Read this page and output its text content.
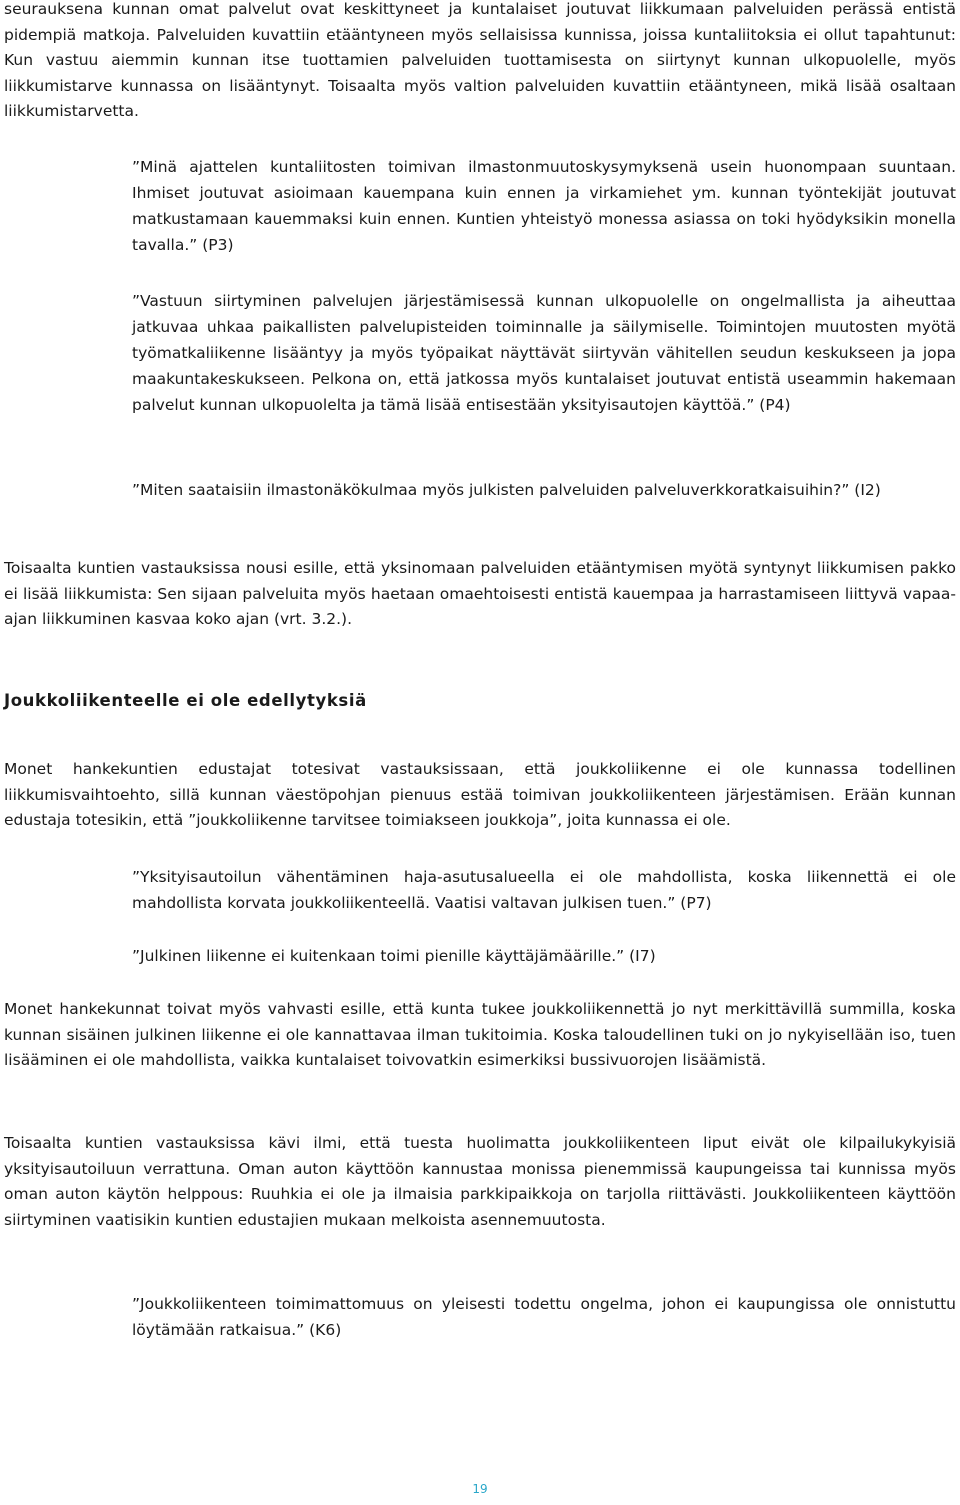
seurauksena kunnan omat palvelut ovat keskittyneet ja kuntalaiset joutuvat liikkumaan palveluiden perässä entistä pidempiä matkoja. Palveluiden kuvattiin etääntyneen myös sellaisissa kunnissa, joissa kuntaliitoksia ei ollut tapahtunut: Kun vastuu aiemmin kunnan itse tuottamien palveluiden tuottamisesta on siirtynyt kunnan ulkopuolelle, myös liikkumistarve kunnassa on lisääntynyt. Toisaalta myös valtion palveluiden kuvattiin etääntyneen, mikä lisää osaltaan liikkumistarvetta.

”Minä ajattelen kuntaliitosten toimivan ilmastonmuutoskysymyksenä usein huonompaan suuntaan. Ihmiset joutuvat asioimaan kauempana kuin ennen ja virkamiehet ym. kunnan työntekijät joutuvat matkustamaan kauemmaksi kuin ennen. Kuntien yhteistyö monessa asiassa on toki hyödyksikin monella tavalla.” (P3)

”Vastuun siirtyminen palvelujen järjestämisessä kunnan ulkopuolelle on ongelmallista ja aiheuttaa jatkuvaa uhkaa paikallisten palvelupisteiden toiminnalle ja säilymiselle. Toimintojen muutosten myötä työmatkaliikenne lisääntyy ja myös työpaikat näyttävät siirtyvän vähitellen seudun keskukseen ja jopa maakuntakeskukseen. Pelkona on, että jatkossa myös kuntalaiset joutuvat entistä useammin hakemaan palvelut kunnan ulkopuolelta ja tämä lisää entisestään yksityisautojen käyttöä.” (P4)

”Miten saataisiin ilmastonäkökulmaa myös julkisten palveluiden palveluverkkoratkaisuihin?” (I2)

Toisaalta kuntien vastauksissa nousi esille, että yksinomaan palveluiden etääntymisen myötä syntynyt liikkumisen pakko ei lisää liikkumista: Sen sijaan palveluita myös haetaan omaehtoisesti entistä kauempaa ja harrastamiseen liittyvä vapaa-ajan liikkuminen kasvaa koko ajan (vrt. 3.2.).

Joukkoliikenteelle ei ole edellytyksiä

Monet hankekuntien edustajat totesivat vastauksissaan, että joukkoliikenne ei ole kunnassa todellinen liikkumisvaihtoehto, sillä kunnan väestöpohjan pienuus estää toimivan joukkoliikenteen järjestämisen. Erään kunnan edustaja totesikin, että ”joukkoliikenne tarvitsee toimiakseen joukkoja”, joita kunnassa ei ole.

”Yksityisautoilun vähentäminen haja-asutusalueella ei ole mahdollista, koska liikennettä ei ole mahdollista korvata joukkoliikenteellä. Vaatisi valtavan julkisen tuen.” (P7)

”Julkinen liikenne ei kuitenkaan toimi pienille käyttäjämäärille.” (I7)

Monet hankekunnat toivat myös vahvasti esille, että kunta tukee joukkoliikennettä jo nyt merkittävillä summilla, koska kunnan sisäinen julkinen liikenne ei ole kannattavaa ilman tukitoimia. Koska taloudellinen tuki on jo nykyisellään iso, tuen lisääminen ei ole mahdollista, vaikka kuntalaiset toivovatkin esimerkiksi bussivuorojen lisäämistä.

Toisaalta kuntien vastauksissa kävi ilmi, että tuesta huolimatta joukkoliikenteen liput eivät ole kilpailukykyisiä yksityisautoiluun verrattuna. Oman auton käyttöön kannustaa monissa pienemmissä kaupungeissa tai kunnissa myös oman auton käytön helppous: Ruuhkia ei ole ja ilmaisia parkkipaikkoja on tarjolla riittävästi. Joukkoliikenteen käyttöön siirtyminen vaatisikin kuntien edustajien mukaan melkoista asennemuutosta.

”Joukkoliikenteen toimimattomuus on yleisesti todettu ongelma, johon ei kaupungissa ole onnistuttu löytämään ratkaisua.” (K6)

19
